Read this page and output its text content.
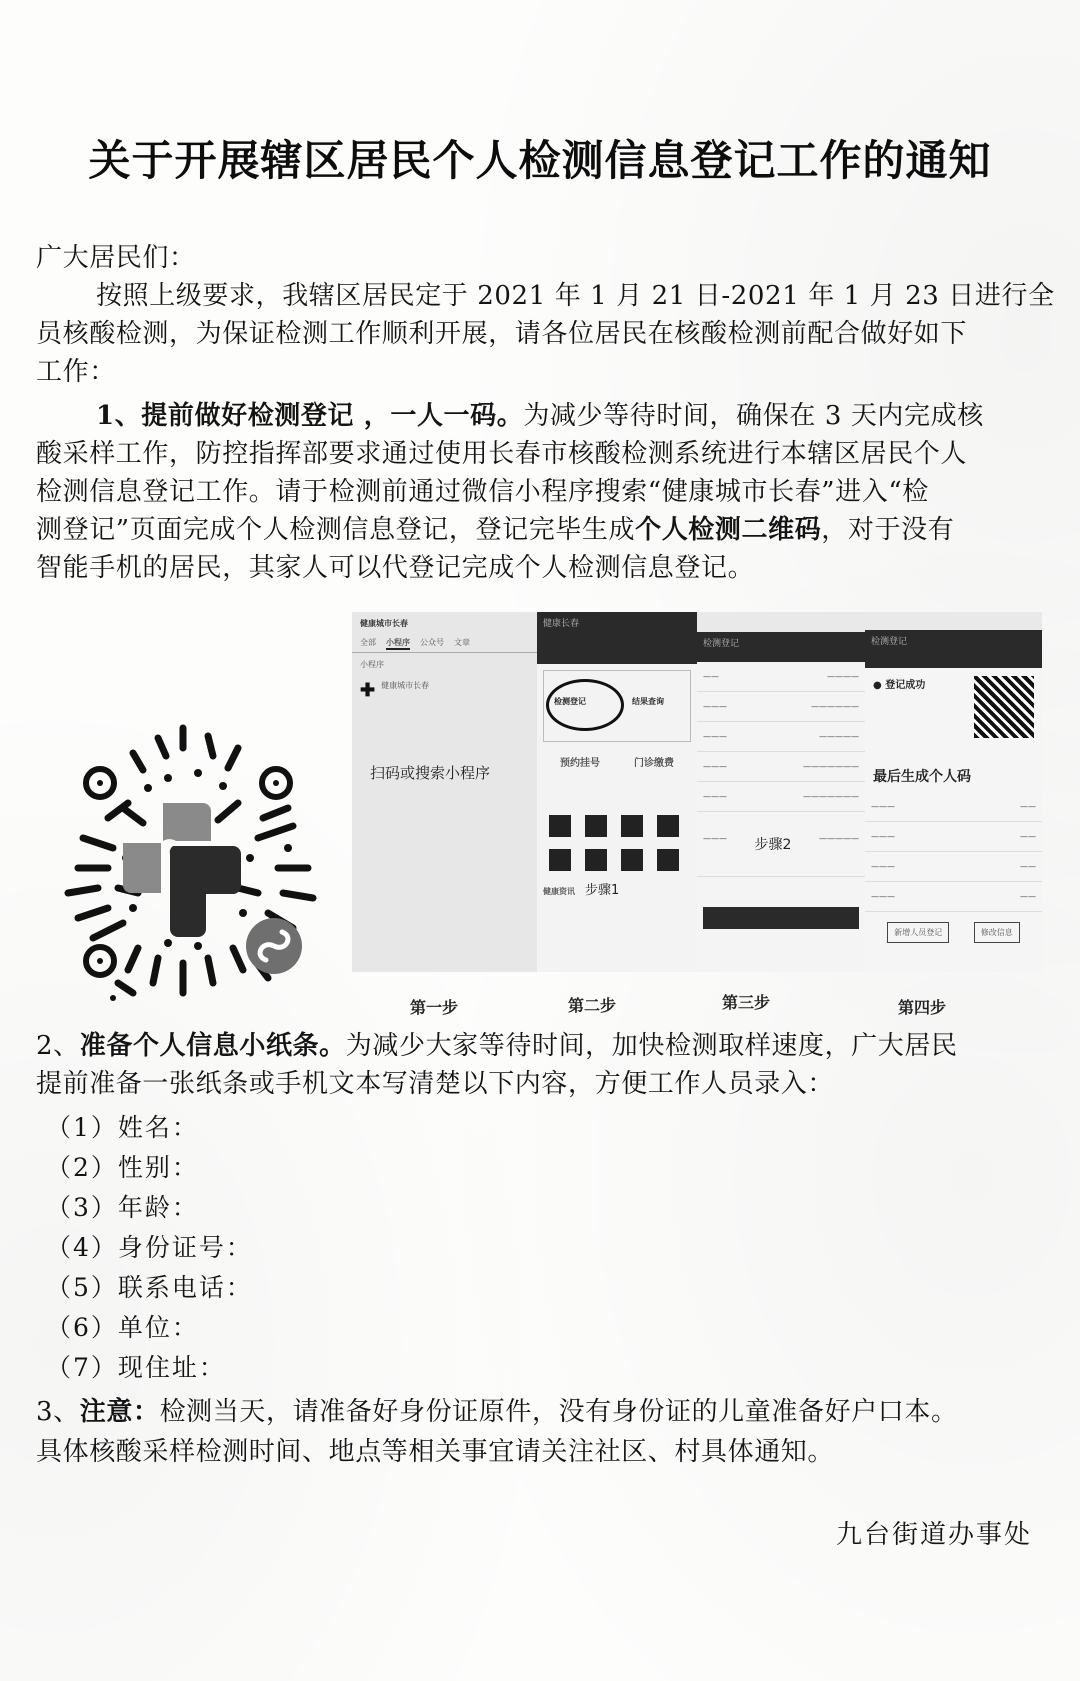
关于开展辖区居民个人检测信息登记工作的通知
广大居民们：
按照上级要求，我辖区居民定于 2021 年 1 月 21 日-2021 年 1 月 23 日进行全
员核酸检测，为保证检测工作顺利开展，请各位居民在核酸检测前配合做好如下
工作：
1、提前做好检测登记 ，一人一码。为减少等待时间，确保在 3 天内完成核
酸采样工作，防控指挥部要求通过使用长春市核酸检测系统进行本辖区居民个人
检测信息登记工作。请于检测前通过微信小程序搜索“健康城市长春”进入“检
测登记”页面完成个人检测信息登记，登记完毕生成个人检测二维码，对于没有
智能手机的居民，其家人可以代登记完成个人检测信息登记。
健康城市长春
全部 小程序 公众号 文章
小程序
✚ 健康城市长春
扫码或搜索小程序
健康长春
检测登记	结果查询
预约挂号	门诊缴费
健康资讯 步骤1
检测登记
——	————
———	——————
———	—————
———	———————
———	———————
——— 步骤2	—————
检测登记
● 登记成功
最后生成个人码
———	——
———	——
———	——
———	——
新增人员登记	修改信息
第一步	第二步	第三步	第四步
2、准备个人信息小纸条。为减少大家等待时间，加快检测取样速度，广大居民
提前准备一张纸条或手机文本写清楚以下内容，方便工作人员录入：
（1）姓名：
（2）性别：
（3）年龄：
（4）身份证号：
（5）联系电话：
（6）单位：
（7）现住址：
3、注意：检测当天，请准备好身份证原件，没有身份证的儿童准备好户口本。
具体核酸采样检测时间、地点等相关事宜请关注社区、村具体通知。
九台街道办事处
